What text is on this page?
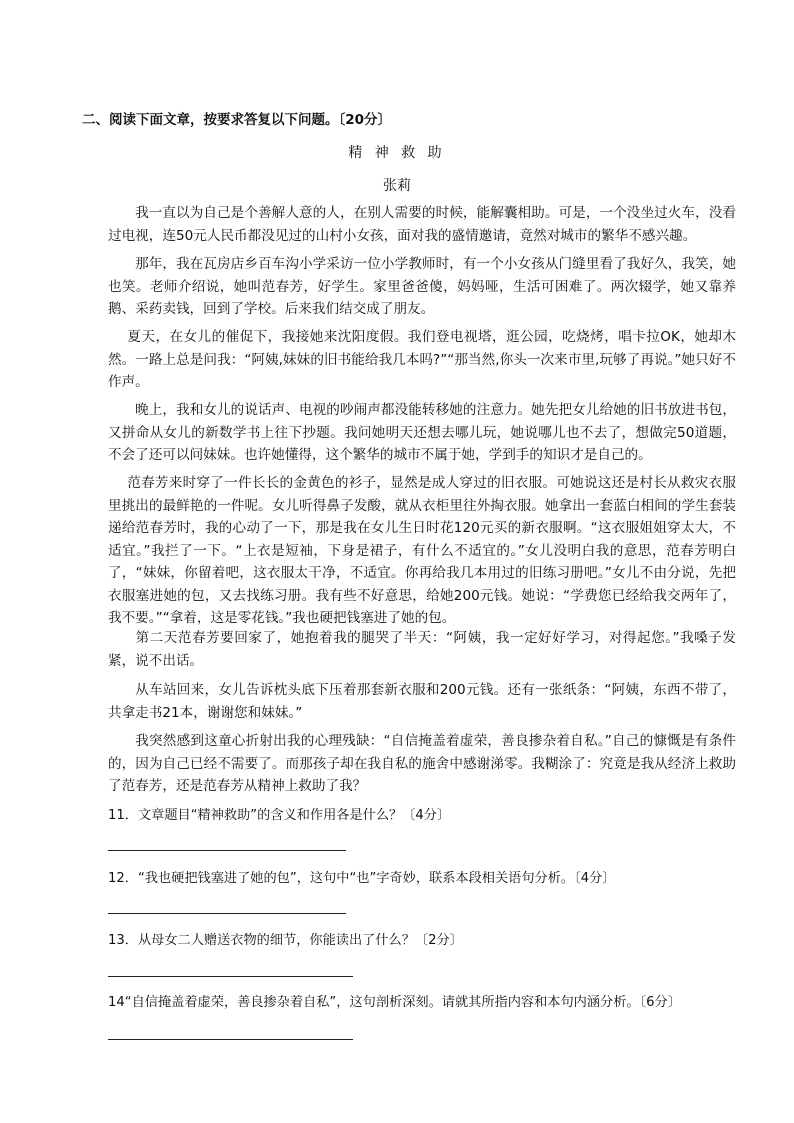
二、阅读下面文章，按要求答复以下问题。〔20分〕
精 神 救 助
张莉
我一直以为自己是个善解人意的人，在别人需要的时候，能解囊相助。可是，一个没坐过火车，没看过电视，连50元人民币都没见过的山村小女孩，面对我的盛情邀请，竟然对城市的繁华不感兴趣。
那年，我在瓦房店乡百车沟小学采访一位小学教师时，有一个小女孩从门缝里看了我好久，我笑，她也笑。老师介绍说，她叫范春芳，好学生。家里爸爸傻，妈妈哑，生活可困难了。两次辍学，她又靠养鹅、采药卖钱，回到了学校。后来我们结交成了朋友。
夏天，在女儿的催促下，我接她来沈阳度假。我们登电视塔，逛公园，吃烧烤，唱卡拉OK，她却木然。一路上总是问我：“阿姨,妹妹的旧书能给我几本吗?”“那当然,你头一次来市里,玩够了再说。”她只好不作声。
晚上，我和女儿的说话声、电视的吵闹声都没能转移她的注意力。她先把女儿给她的旧书放进书包，又拼命从女儿的新数学书上往下抄题。我问她明天还想去哪儿玩，她说哪儿也不去了，想做完50道题，不会了还可以问妹妹。也许她懂得，这个繁华的城市不属于她，学到手的知识才是自己的。
范春芳来时穿了一件长长的金黄色的衫子，显然是成人穿过的旧衣服。可她说这还是村长从救灾衣服里挑出的最鲜艳的一件呢。女儿听得鼻子发酸，就从衣柜里往外掏衣服。她拿出一套蓝白相间的学生套装递给范春芳时，我的心动了一下，那是我在女儿生日时花120元买的新衣服啊。“这衣服姐姐穿太大，不适宜。”我拦了一下。“上衣是短袖，下身是裙子，有什么不适宜的。”女儿没明白我的意思，范春芳明白了，“妹妹，你留着吧，这衣服太干净，不适宜。你再给我几本用过的旧练习册吧。”女儿不由分说，先把衣服塞进她的包，又去找练习册。我有些不好意思，给她200元钱。她说：“学费您已经给我交两年了，我不要。”“拿着，这是零花钱。”我也硬把钱塞进了她的包。
第二天范春芳要回家了，她抱着我的腿哭了半天：“阿姨，我一定好好学习，对得起您。”我嗓子发紧，说不出话。
从车站回来，女儿告诉枕头底下压着那套新衣服和200元钱。还有一张纸条：“阿姨，东西不带了，共拿走书21本，谢谢您和妹妹。”
我突然感到这童心折射出我的心理残缺：“自信掩盖着虚荣，善良掺杂着自私。”自己的慷慨是有条件的，因为自己已经不需要了。而那孩子却在我自私的施舍中感谢涕零。我糊涂了：究竟是我从经济上救助了范春芳，还是范春芳从精神上救助了我？
11．文章题目“精神救助”的含义和作用各是什么？〔4分〕
12．“我也硬把钱塞进了她的包”，这句中“也”字奇妙，联系本段相关语句分析。〔4分〕
13．从母女二人赠送衣物的细节，你能读出了什么？〔2分〕
14“自信掩盖着虚荣，善良掺杂着自私”，这句剖析深刻。请就其所指内容和本句内涵分析。〔6分〕
